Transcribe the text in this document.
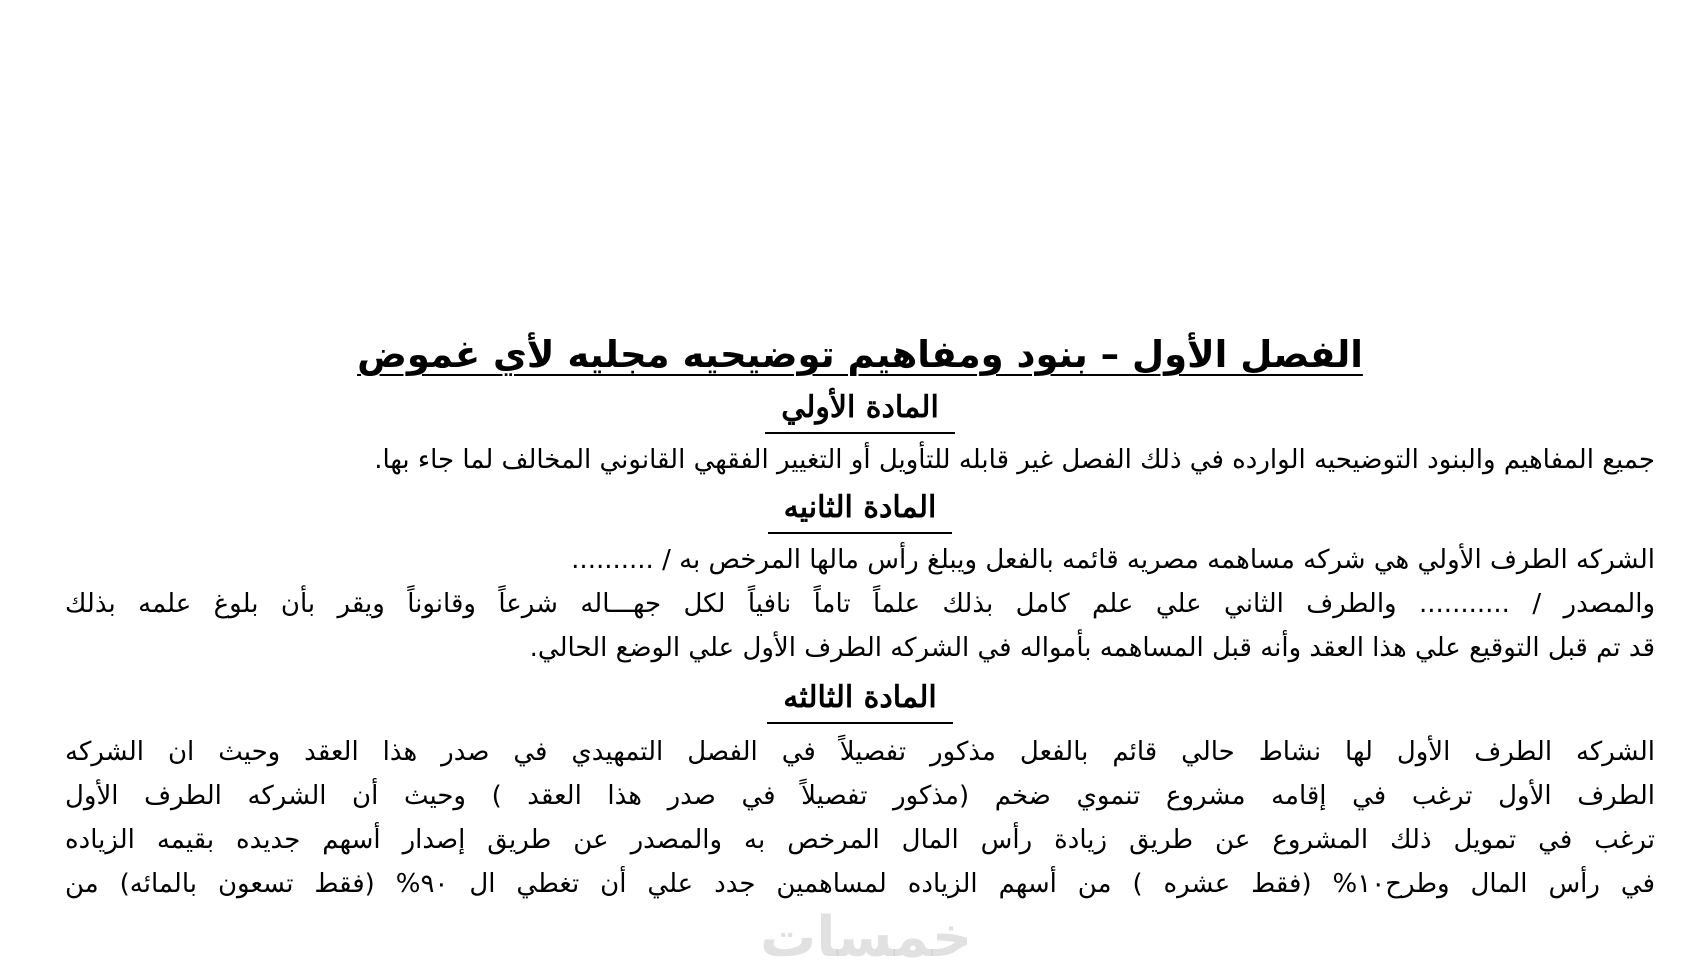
الفصل الأول – بنود ومفاهيم توضيحيه مجليه لأي غموض
المادة الأولي

جميع المفاهيم والبنود التوضيحيه الوارده في ذلك الفصل غير قابله للتأويل أو التغيير الفقهي القانوني المخالف لما جاء بها.

المادة الثانيه

الشركه الطرف الأولي هي شركه مساهمه مصريه قائمه بالفعل ويبلغ رأس مالها المرخص به / ..........
والمصدر / ........... والطرف الثاني علي علم كامل بذلك علماً تاماً نافياً لكل جهـــاله شرعاً وقانوناً ويقر بأن بلوغ علمه بذلك
قد تم قبل التوقيع علي هذا العقد وأنه قبل المساهمه بأمواله في الشركه الطرف الأول علي الوضع الحالي.

المادة الثالثه

الشركه الطرف الأول لها نشاط حالي قائم بالفعل مذكور تفصيلاً في الفصل التمهيدي في صدر هذا العقد وحيث ان الشركه
الطرف الأول ترغب في إقامه مشروع تنموي ضخم (مذكور تفصيلاً في صدر هذا العقد ) وحيث أن الشركه الطرف الأول
ترغب في تمويل ذلك المشروع عن طريق زيادة رأس المال المرخص به والمصدر عن طريق إصدار أسهم جديده بقيمه الزياده
في رأس المال وطرح١٠% (فقط عشره ) من أسهم الزياده لمساهمين جدد علي أن تغطي ال ٩٠% (فقط تسعون بالمائه) من

خمسات
